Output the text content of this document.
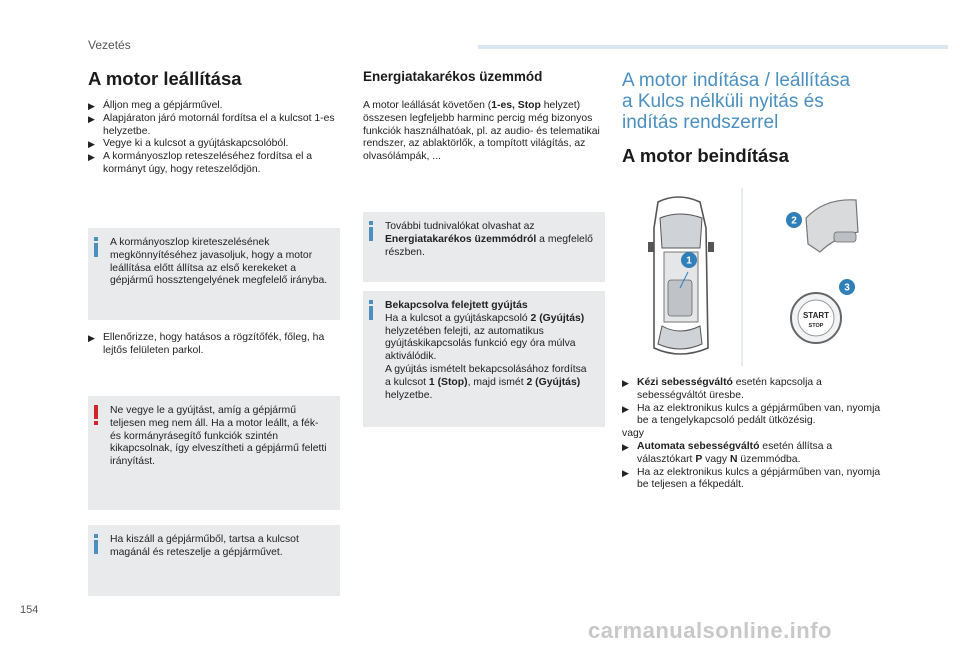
Vezetés
A motor leállítása
▶ Álljon meg a gépjárművel.
▶ Alapjáraton járó motornál fordítsa el a kulcsot 1-es helyzetbe.
▶ Vegye ki a kulcsot a gyújtáskapcsolóból.
▶ A kormányoszlop reteszeléséhez fordítsa el a kormányt úgy, hogy reteszelődjön.
A kormányoszlop kireteszelésének megkönnyítéséhez javasoljuk, hogy a motor leállítása előtt állítsa az első kerekeket a gépjármű hossztengelyének megfelelő irányba.
▶ Ellenőrizze, hogy hatásos a rögzítőfék, főleg, ha lejtős felületen parkol.
Ne vegye le a gyújtást, amíg a gépjármű teljesen meg nem áll. Ha a motor leállt, a fék- és kormányrásegítő funkciók szintén kikapcsolnak, így elveszítheti a gépjármű feletti irányítást.
Ha kiszáll a gépjárműből, tartsa a kulcsot magánál és reteszelje a gépjárművet.
Energiatakarékos üzemmód
A motor leállását követően (1-es, Stop helyzet) összesen legfeljebb harminc percig még bizonyos funkciók használhatóak, pl. az audio- és telematikai rendszer, az ablaktörlők, a tompított világítás, az olvasólámpák, ...
További tudnivalókat olvashat az Energiatakarékos üzemmódról a megfelelő részben.
Bekapcsolva felejtett gyújtás
Ha a kulcsot a gyújtáskapcsoló 2 (Gyújtás) helyzetében felejti, az automatikus gyújtáskikapcsolás funkció egy óra múlva aktiválódik.
A gyújtás ismételt bekapcsolásához fordítsa a kulcsot 1 (Stop), majd ismét 2 (Gyújtás) helyzetbe.
A motor indítása / leállítása
a Kulcs nélküli nyitás és
indítás rendszerrel
A motor beindítása
START
STOP
1
2
3
▶ Kézi sebességváltó esetén kapcsolja a sebességváltót üresbe.
▶ Ha az elektronikus kulcs a gépjárműben van, nyomja be a tengelykapcsoló pedált ütközésig.
vagy
▶ Automata sebességváltó esetén állítsa a választókart P vagy N üzemmódba.
▶ Ha az elektronikus kulcs a gépjárműben van, nyomja be teljesen a fékpedált.
154
carmanualsonline.info
